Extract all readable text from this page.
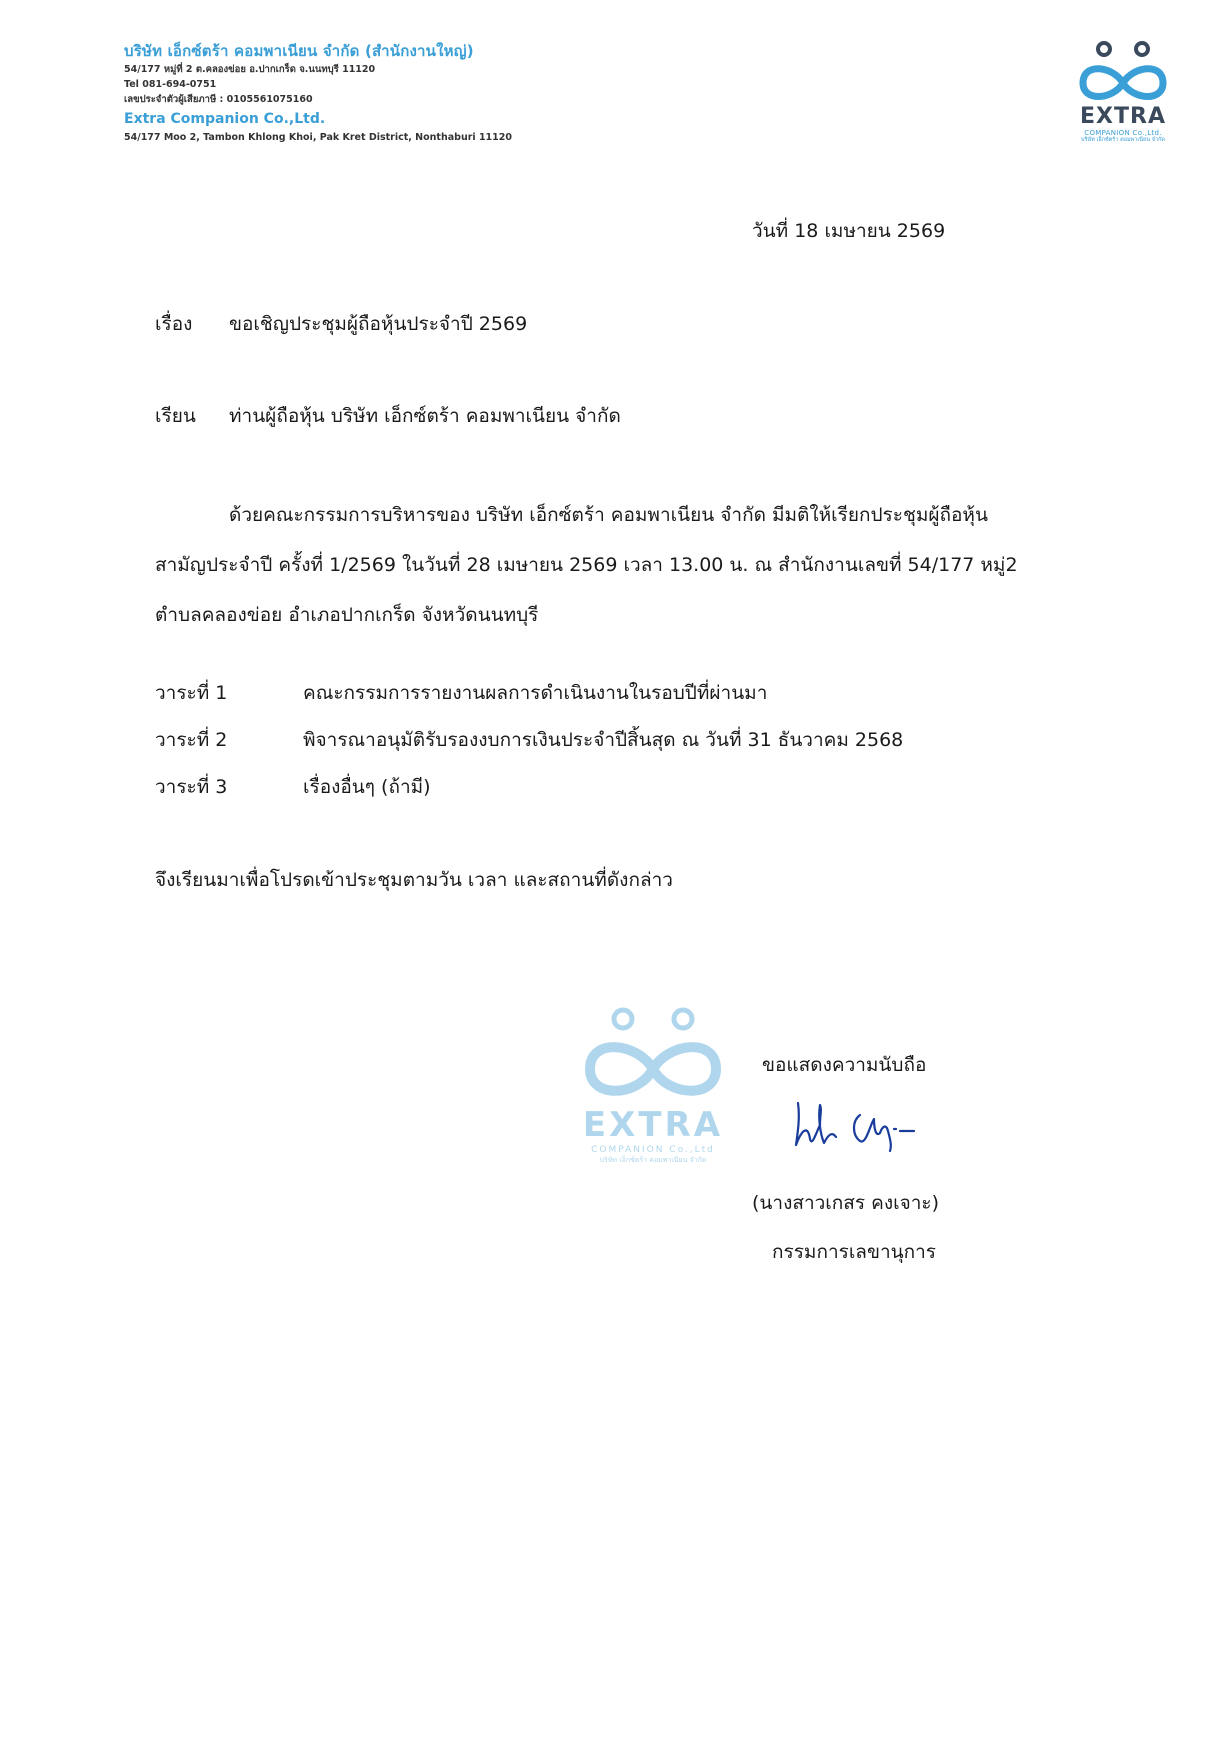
บริษัท เอ็กซ์ตร้า คอมพาเนียน จำกัด (สำนักงานใหญ่)
54/177 หมู่ที่ 2 ต.คลองข่อย อ.ปากเกร็ด จ.นนทบุรี 11120
Tel 081-694-0751
เลขประจำตัวผู้เสียภาษี : 0105561075160
Extra Companion Co.,Ltd.
54/177 Moo 2, Tambon Khlong Khoi, Pak Kret District, Nonthaburi 11120
EXTRA
COMPANION Co.,Ltd.
บริษัท เอ็กซ์ตร้า คอมพาเนียน จำกัด
วันที่ 18 เมษายน 2569
เรื่อง ขอเชิญประชุมผู้ถือหุ้นประจำปี 2569
เรียน ท่านผู้ถือหุ้น บริษัท เอ็กซ์ตร้า คอมพาเนียน จำกัด
ด้วยคณะกรรมการบริหารของ บริษัท เอ็กซ์ตร้า คอมพาเนียน จำกัด มีมติให้เรียกประชุมผู้ถือหุ้น
สามัญประจำปี ครั้งที่ 1/2569 ในวันที่ 28 เมษายน 2569 เวลา 13.00 น. ณ สำนักงานเลขที่ 54/177 หมู่2
ตำบลคลองข่อย อำเภอปากเกร็ด จังหวัดนนทบุรี
วาระที่ 1	คณะกรรมการรายงานผลการดำเนินงานในรอบปีที่ผ่านมา
วาระที่ 2	พิจารณาอนุมัติรับรองงบการเงินประจำปีสิ้นสุด ณ วันที่ 31 ธันวาคม 2568
วาระที่ 3	เรื่องอื่นๆ (ถ้ามี)
จึงเรียนมาเพื่อโปรดเข้าประชุมตามวัน เวลา และสถานที่ดังกล่าว
EXTRA
COMPANION Co.,Ltd
บริษัท เอ็กซ์ตร้า คอมพาเนียน จำกัด
ขอแสดงความนับถือ
(นางสาวเกสร คงเจาะ)
กรรมการเลขานุการ
